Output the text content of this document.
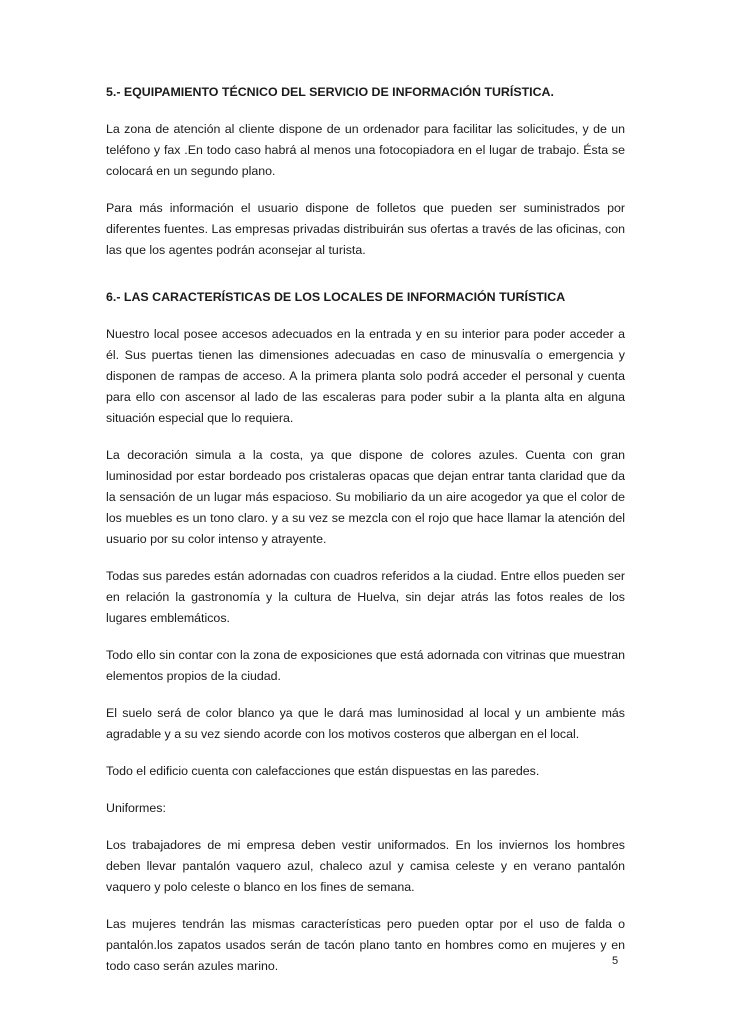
5.- EQUIPAMIENTO TÉCNICO DEL SERVICIO DE INFORMACIÓN TURÍSTICA.

La zona de atención al cliente dispone de un ordenador para facilitar las solicitudes, y de un teléfono y fax .En todo caso habrá al menos una fotocopiadora en el lugar de trabajo. Ésta se colocará en un segundo plano.

Para más información el usuario dispone de folletos que pueden ser suministrados por diferentes fuentes. Las empresas privadas distribuirán sus ofertas a través de las oficinas, con las que los agentes podrán aconsejar al turista.

6.- LAS CARACTERÍSTICAS DE LOS LOCALES DE INFORMACIÓN TURÍSTICA

Nuestro local posee accesos adecuados en la entrada y en su interior para poder acceder a él. Sus puertas tienen las dimensiones adecuadas en caso de minusvalía o emergencia y disponen de rampas de acceso. A la primera planta solo podrá acceder el personal y cuenta para ello con ascensor al lado de las escaleras para poder subir a la planta alta en alguna situación especial que lo requiera.

La decoración simula a la costa, ya que dispone de colores azules. Cuenta con gran luminosidad por estar bordeado pos cristaleras opacas que dejan entrar tanta claridad que da la sensación de un lugar más espacioso. Su mobiliario da un aire acogedor ya que el color de los muebles es un tono claro. y a su vez se mezcla con el rojo que hace llamar la atención del usuario por su color intenso y atrayente.

Todas sus paredes están adornadas con cuadros referidos a la ciudad. Entre ellos pueden ser en relación la gastronomía y la cultura de Huelva, sin dejar atrás las fotos reales de los lugares emblemáticos.

Todo ello sin contar con la zona de exposiciones que está adornada con vitrinas que muestran elementos propios de la ciudad.

El suelo será de color blanco ya que le dará mas luminosidad al local y un ambiente más agradable y a su vez siendo acorde con los motivos costeros que albergan en el local.

Todo el edificio cuenta con calefacciones que están dispuestas en las paredes.

Uniformes:

Los trabajadores de mi empresa deben vestir uniformados. En los inviernos los hombres deben llevar pantalón vaquero azul, chaleco azul y camisa celeste y en verano pantalón vaquero y polo celeste o blanco en los fines de semana.

Las mujeres tendrán las mismas características pero pueden optar por el uso de falda o pantalón.los zapatos usados serán de tacón plano tanto en hombres como en mujeres y en todo caso serán azules marino.	5
